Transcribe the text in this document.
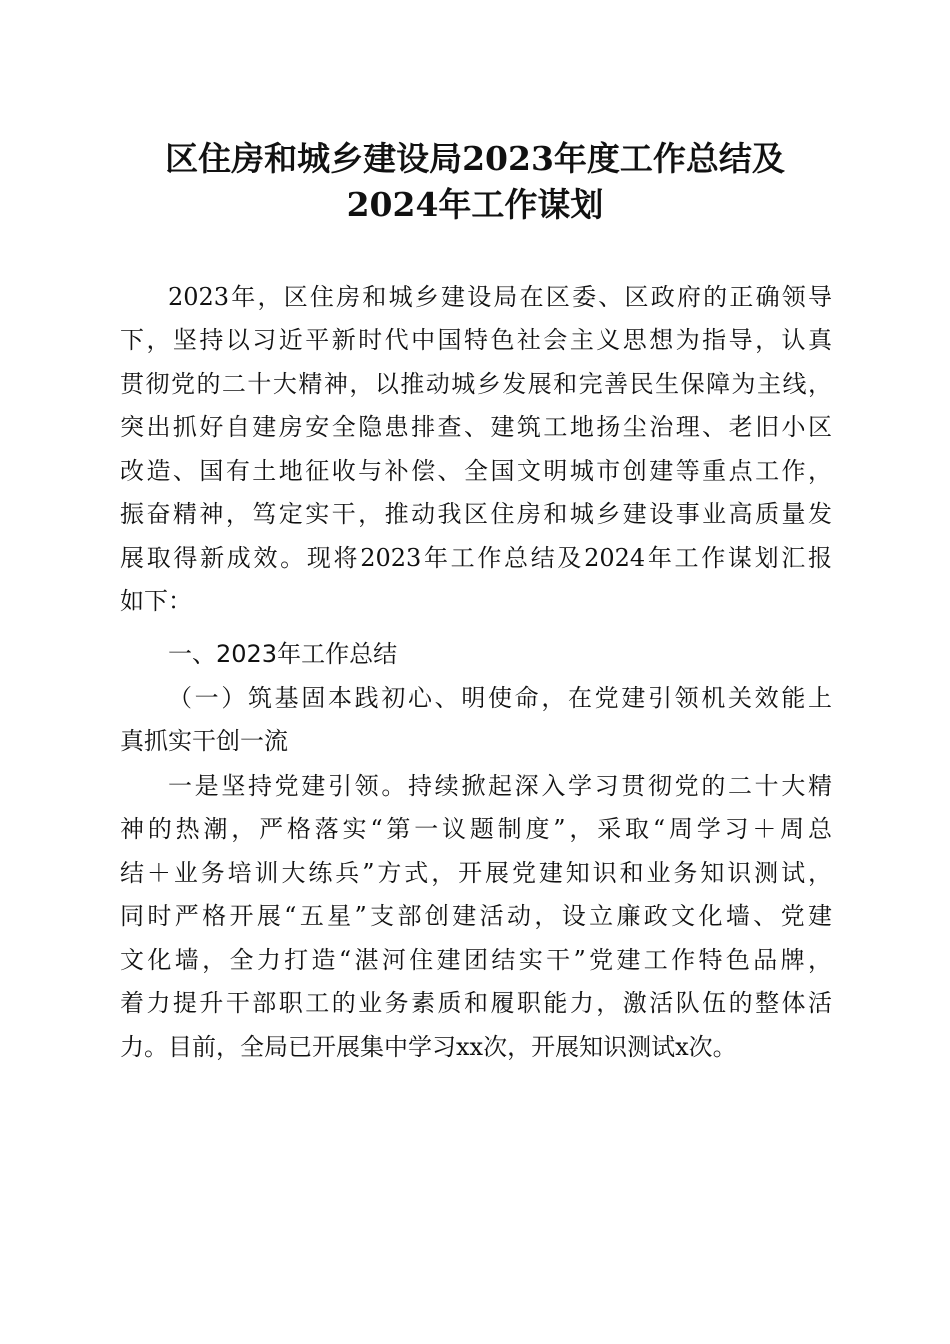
区住房和城乡建设局2023年度工作总结及
2024年工作谋划
2023年，区住房和城乡建设局在区委、区政府的正确领导
下，坚持以习近平新时代中国特色社会主义思想为指导，认真
贯彻党的二十大精神，以推动城乡发展和完善民生保障为主线，
突出抓好自建房安全隐患排查、建筑工地扬尘治理、老旧小区
改造、国有土地征收与补偿、全国文明城市创建等重点工作，
振奋精神，笃定实干，推动我区住房和城乡建设事业高质量发
展取得新成效。现将2023年工作总结及2024年工作谋划汇报
如下：
一、2023年工作总结
（一）筑基固本践初心、明使命，在党建引领机关效能上
真抓实干创一流
一是坚持党建引领。持续掀起深入学习贯彻党的二十大精
神的热潮，严格落实“第一议题制度”，采取“周学习＋周总
结＋业务培训大练兵”方式，开展党建知识和业务知识测试，
同时严格开展“五星”支部创建活动，设立廉政文化墙、党建
文化墙，全力打造“湛河住建团结实干”党建工作特色品牌，
着力提升干部职工的业务素质和履职能力，激活队伍的整体活
力。目前，全局已开展集中学习xx次，开展知识测试x次。
